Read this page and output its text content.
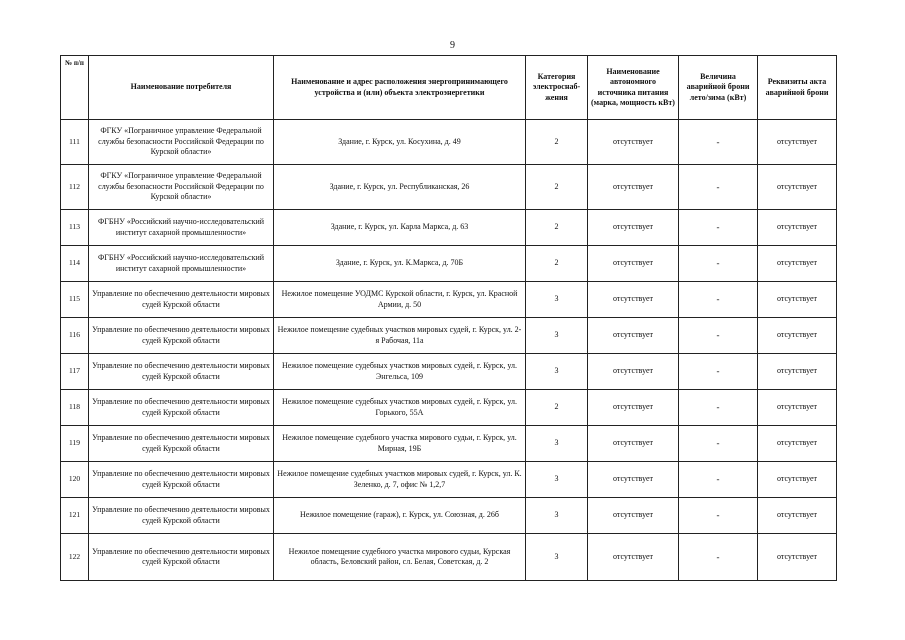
9
№ п/п	Наименование потребителя	Наименование и адрес расположения энергопринимающего устройства и (или) объекта электроэнергетики	Категория электроснаб-жения	Наименование автономного источника питания (марка, мощность кВт)	Величина аварийной брони лето/зима (кВт)	Реквизиты акта аварийной брони
111	ФГКУ «Пограничное управление Федеральной службы безопасности Российской Федерации по Курской области»	Здание, г. Курск, ул. Косухина, д. 49	2	отсутствует	-	отсутствует
112	ФГКУ «Пограничное управление Федеральной службы безопасности Российской Федерации по Курской области»	Здание, г. Курск, ул. Республиканская, 26	2	отсутствует	-	отсутствует
113	ФГБНУ «Российский научно-исследовательский институт сахарной промышленности»	Здание, г. Курск, ул. Карла Маркса, д. 63	2	отсутствует	-	отсутствует
114	ФГБНУ «Российский научно-исследовательский институт сахарной промышленности»	Здание, г. Курск, ул. К.Маркса, д. 70Б	2	отсутствует	-	отсутствует
115	Управление по обеспечению деятельности мировых судей Курской области	Нежилое помещение УОДМС Курской области, г. Курск, ул. Красной Армии, д. 50	3	отсутствует	-	отсутствует
116	Управление по обеспечению деятельности мировых судей Курской области	Нежилое помещение судебных участков мировых судей, г. Курск, ул. 2-я Рабочая, 11а	3	отсутствует	-	отсутствует
117	Управление по обеспечению деятельности мировых судей Курской области	Нежилое помещение судебных участков мировых судей, г. Курск, ул. Энгельса, 109	3	отсутствует	-	отсутствует
118	Управление по обеспечению деятельности мировых судей Курской области	Нежилое помещение судебных участков мировых судей, г. Курск, ул. Горького, 55А	2	отсутствует	-	отсутствует
119	Управление по обеспечению деятельности мировых судей Курской области	Нежилое помещение судебного участка мирового судьи, г. Курск, ул. Мирная, 19Б	3	отсутствует	-	отсутствует
120	Управление по обеспечению деятельности мировых судей Курской области	Нежилое помещение судебных участков мировых судей, г. Курск, ул. К. Зеленко, д. 7, офис № 1,2,7	3	отсутствует	-	отсутствует
121	Управление по обеспечению деятельности мировых судей Курской области	Нежилое помещение (гараж), г. Курск, ул. Союзная, д. 26б	3	отсутствует	-	отсутствует
122	Управление по обеспечению деятельности мировых судей Курской области	Нежилое помещение судебного участка мирового судьи, Курская область, Беловский район, сл. Белая, Советская, д. 2	3	отсутствует	-	отсутствует
